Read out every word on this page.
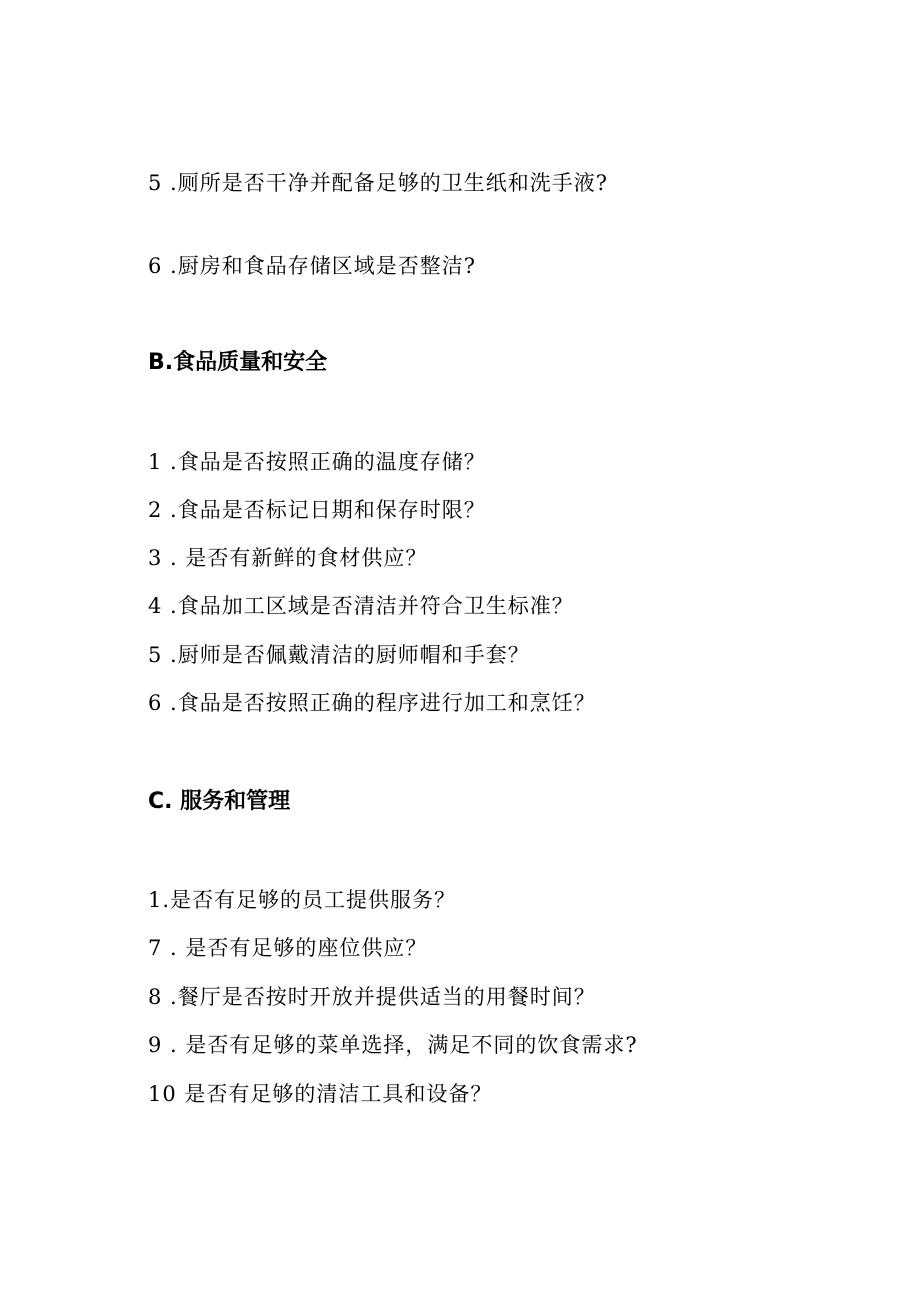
5 .厕所是否干净并配备足够的卫生纸和洗手液?
6 .厨房和食品存储区域是否整洁?
B.食品质量和安全
1 .食品是否按照正确的温度存储？
2 .食品是否标记日期和保存时限？
3 . 是否有新鲜的食材供应？
4 .食品加工区域是否清洁并符合卫生标准？
5 .厨师是否佩戴清洁的厨师帽和手套？
6 .食品是否按照正确的程序进行加工和烹饪？
C. 服务和管理
1.是否有足够的员工提供服务？
7 . 是否有足够的座位供应？
8 .餐厅是否按时开放并提供适当的用餐时间？
9 . 是否有足够的菜单选择，满足不同的饮食需求?
10 是否有足够的清洁工具和设备？
